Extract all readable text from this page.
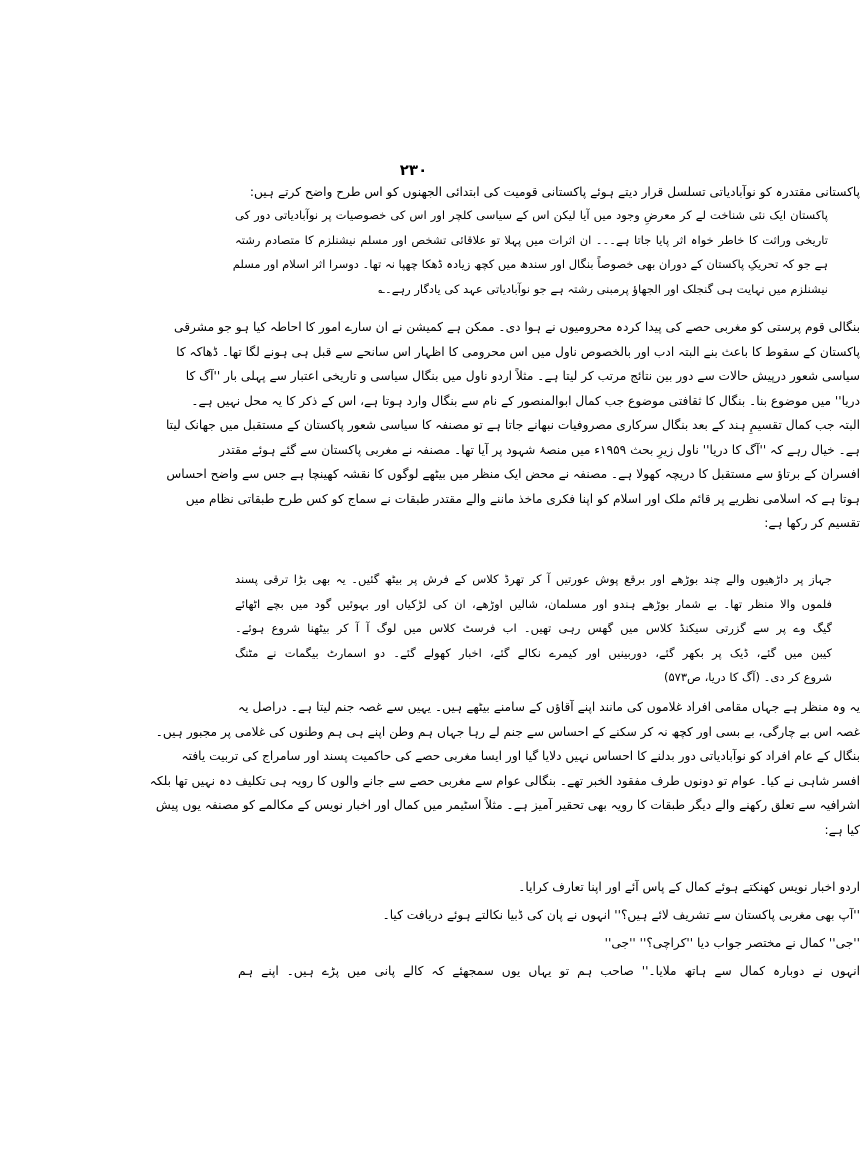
۲۳۰
پاکستانی مقتدرہ کو نوآبادیاتی تسلسل قرار دیتے ہوئے پاکستانی قومیت کی ابتدائی الجھنوں کو اس طرح واضح کرتے ہیں:
پاکستان ایک نئی شناخت لے کر معرضِ وجود میں آیا لیکن اس کے سیاسی کلچر اور اس کی خصوصیات پر نوآبادیاتی دور کی
تاریخی وراثت کا خاطر خواہ اثر پایا جاتا ہے۔۔۔ ان اثرات میں پہلا تو علاقائی تشخص اور مسلم نیشنلزم کا متصادم رشتہ
ہے جو کہ تحریکِ پاکستان کے دوران بھی خصوصاً بنگال اور سندھ میں کچھ زیادہ ڈھکا چھپا نہ تھا۔ دوسرا اثر اسلام اور مسلم
نیشنلزم میں نہایت ہی گنجلک اور الجھاؤ پرمبنی رشتہ ہے جو نوآبادیاتی عہد کی یادگار رہے۔؎
بنگالی قوم پرستی کو مغربی حصے کی پیدا کردہ محرومیوں نے ہوا دی۔ ممکن ہے کمیشن نے ان سارے امور کا احاطہ کیا ہو جو مشرقی
پاکستان کے سقوط کا باعث بنے البتہ ادب اور بالخصوص ناول میں اس محرومی کا اظہار اس سانحے سے قبل ہی ہونے لگا تھا۔ ڈھاکہ کا
سیاسی شعور درپیش حالات سے دور بین نتائج مرتب کر لیتا ہے۔ مثلاً اردو ناول میں بنگال سیاسی و تاریخی اعتبار سے پہلی بار ''آگ کا
دریا'' میں موضوع بنا۔ بنگال کا ثقافتی موضوع جب کمال ابوالمنصور کے نام سے بنگال وارد ہوتا ہے، اس کے ذکر کا یہ محل نہیں ہے۔
البتہ جب کمال تقسیمِ ہند کے بعد بنگال سرکاری مصروفیات نبھانے جاتا ہے تو مصنفہ کا سیاسی شعور پاکستان کے مستقبل میں جھانک لیتا
ہے۔ خیال رہے کہ ''آگ کا دریا'' ناول زیرِ بحث ۱۹۵۹ء میں منصۂ شہود پر آیا تھا۔ مصنفہ نے مغربی پاکستان سے گئے ہوئے مقتدر
افسران کے برتاؤ سے مستقبل کا دریچہ کھولا ہے۔ مصنفہ نے محض ایک منظر میں بیٹھے لوگوں کا نقشہ کھینچا ہے جس سے واضح احساس
ہوتا ہے کہ اسلامی نظریے پر قائم ملک اور اسلام کو اپنا فکری ماخذ ماننے والے مقتدر طبقات نے سماج کو کس طرح طبقاتی نظام میں
تقسیم کر رکھا ہے:
جہاز پر داڑھیوں والے چند بوڑھے اور برقع پوش عورتیں آ کر تھرڈ کلاس کے فرش پر بیٹھ گئیں۔ یہ بھی بڑا ترقی پسند
فلموں والا منظر تھا۔ بے شمار بوڑھے ہندو اور مسلمان، شالیں اوڑھے، ان کی لڑکیاں اور بہوئیں گود میں بچے اٹھائے
گیگ وے پر سے گزرتی سیکنڈ کلاس میں گھس رہی تھیں۔ اب فرسٹ کلاس میں لوگ آ آ کر بیٹھنا شروع ہوئے۔
کیبن میں گئے، ڈیک پر بکھر گئے، دوربینیں اور کیمرے نکالے گئے، اخبار کھولے گئے۔ دو اسمارٹ بیگمات نے مٹنگ
شروع کر دی۔ (آگ کا دریا، ص۵۷۳)
یہ وہ منظر ہے جہاں مقامی افراد غلاموں کی مانند اپنے آقاؤں کے سامنے بیٹھے ہیں۔ یہیں سے غصہ جنم لیتا ہے۔ دراصل یہ
غصہ اس بے چارگی، بے بسی اور کچھ نہ کر سکنے کے احساس سے جنم لے رہا جہاں ہم وطن اپنے ہی ہم وطنوں کی غلامی پر مجبور ہیں۔
بنگال کے عام افراد کو نوآبادیاتی دور بدلنے کا احساس نہیں دلایا گیا اور ایسا مغربی حصے کی حاکمیت پسند اور سامراج کی تربیت یافتہ
افسر شاہی نے کیا۔ عوام تو دونوں طرف مفقود الخبر تھے۔ بنگالی عوام سے مغربی حصے سے جانے والوں کا رویہ ہی تکلیف دہ نہیں تھا بلکہ
اشرافیہ سے تعلق رکھنے والے دیگر طبقات کا رویہ بھی تحقیر آمیز ہے۔ مثلاً اسٹیمر میں کمال اور اخبار نویس کے مکالمے کو مصنفہ یوں پیش
کیا ہے:
اردو اخبار نویس کھنکتے ہوئے کمال کے پاس آئے اور اپنا تعارف کرایا۔
''آپ بھی مغربی پاکستان سے تشریف لائے ہیں؟'' انہوں نے پان کی ڈبیا نکالتے ہوئے دریافت کیا۔
''جی'' کمال نے مختصر جواب دیا ''کراچی؟'' ''جی''
انہوں نے دوبارہ کمال سے ہاتھ ملایا۔'' صاحب ہم تو یہاں یوں سمجھئے کہ کالے پانی میں پڑے ہیں۔ اپنے ہم
